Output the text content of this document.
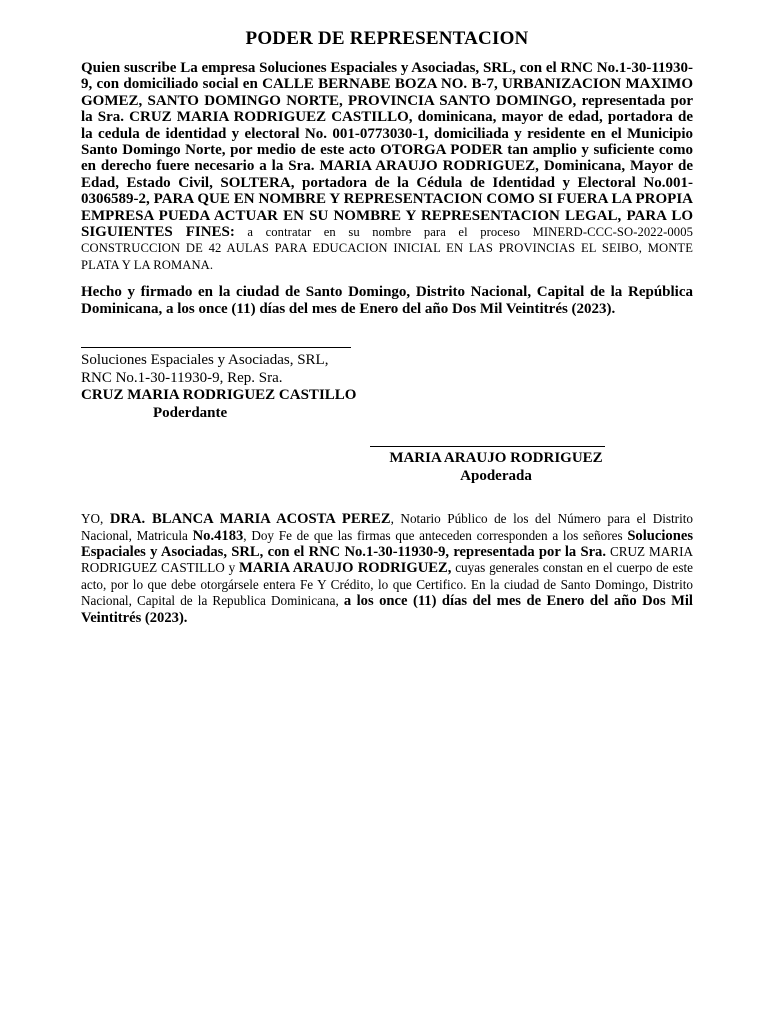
PODER DE REPRESENTACION

Quien suscribe La empresa Soluciones Espaciales y Asociadas, SRL, con el RNC No.1-30-11930-9, con domiciliado social en CALLE BERNABE BOZA NO. B-7, URBANIZACION MAXIMO GOMEZ, SANTO DOMINGO NORTE, PROVINCIA SANTO DOMINGO, representada por la Sra. CRUZ MARIA RODRIGUEZ CASTILLO, dominicana, mayor de edad, portadora de la cedula de identidad y electoral No. 001-0773030-1, domiciliada y residente en el Municipio Santo Domingo Norte, por medio de este acto OTORGA PODER tan amplio y suficiente como en derecho fuere necesario a la Sra. MARIA ARAUJO RODRIGUEZ, Dominicana, Mayor de Edad, Estado Civil, SOLTERA, portadora de la Cédula de Identidad y Electoral No.001-0306589-2, PARA QUE EN NOMBRE Y REPRESENTACION COMO SI FUERA LA PROPIA EMPRESA PUEDA ACTUAR EN SU NOMBRE Y REPRESENTACION LEGAL, PARA LO SIGUIENTES FINES: a contratar en su nombre para el proceso MINERD-CCC-SO-2022-0005 CONSTRUCCION DE 42 AULAS PARA EDUCACION INICIAL EN LAS PROVINCIAS EL SEIBO, MONTE PLATA Y LA ROMANA.

Hecho y firmado en la ciudad de Santo Domingo, Distrito Nacional, Capital de la República Dominicana, a los once (11) días del mes de Enero del año Dos Mil Veintitrés (2023).

Soluciones Espaciales y Asociadas, SRL,

RNC No.1-30-11930-9, Rep. Sra.

CRUZ MARIA RODRIGUEZ CASTILLO

Poderdante

MARIA ARAUJO RODRIGUEZ

Apoderada

YO, DRA. BLANCA MARIA ACOSTA PEREZ, Notario Público de los del Número para el Distrito Nacional, Matricula No.4183, Doy Fe de que las firmas que anteceden corresponden a los señores Soluciones Espaciales y Asociadas, SRL, con el RNC No.1-30-11930-9, representada por la Sra. CRUZ MARIA RODRIGUEZ CASTILLO y MARIA ARAUJO RODRIGUEZ, cuyas generales constan en el cuerpo de este acto, por lo que debe otorgársele entera Fe Y Crédito, lo que Certifico. En la ciudad de Santo Domingo, Distrito Nacional, Capital de la Republica Dominicana, a los once (11) días del mes de Enero del año Dos Mil Veintitrés (2023).
